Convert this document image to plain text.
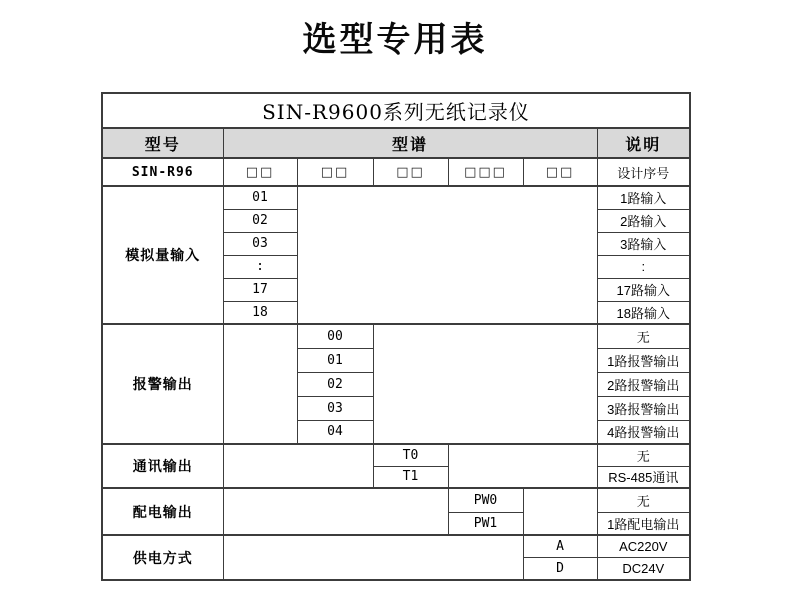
选型专用表
SIN-R9600系列无纸记录仪						
型号	型谱					说明
SIN-R96	□□	□□	□□	□□□	□□	设计序号
模拟量输入	01					1路输入
	02					2路输入
	03					3路输入
	:					:
	17					17路输入
	18					18路输入
报警输出		00				无
		01				1路报警输出
		02				2路报警输出
		03				3路报警输出
		04				4路报警输出
通讯输出			T0			无
			T1			RS-485通讯
配电输出				PW0		无
				PW1		1路配电输出
供电方式					A	AC220V
					D	DC24V
